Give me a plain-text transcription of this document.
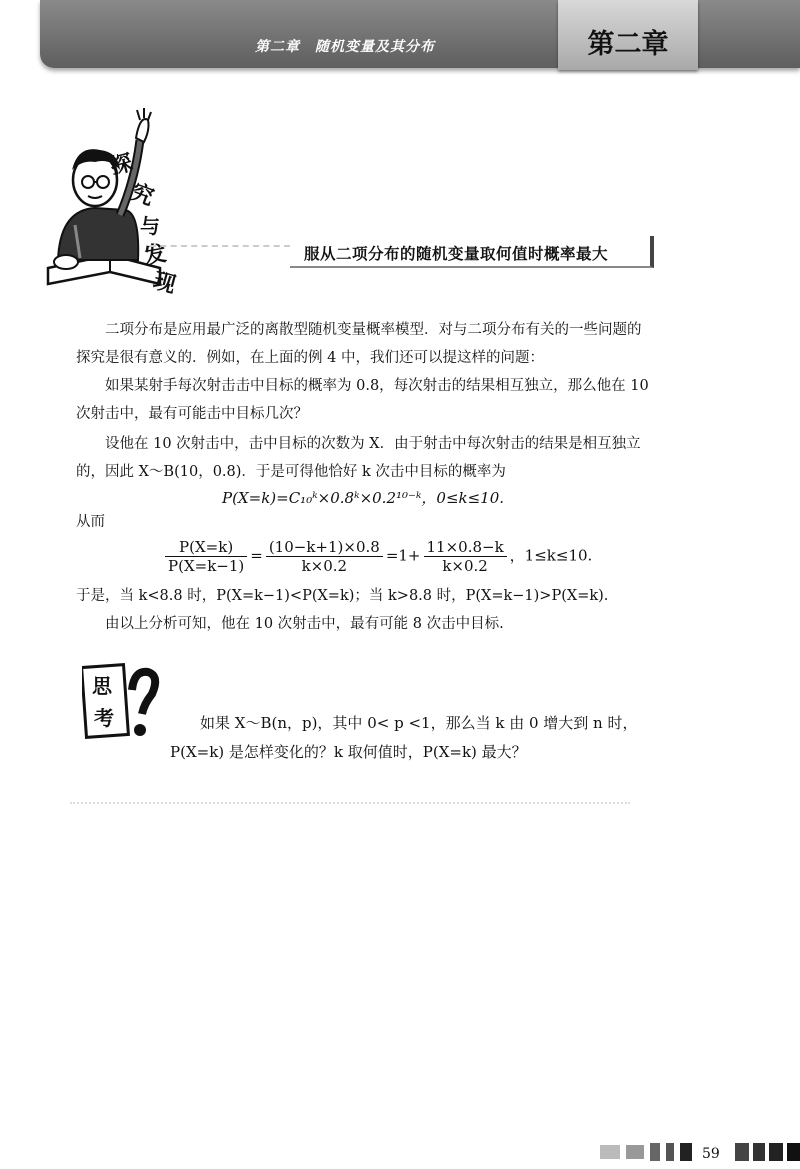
第二章　随机变量及其分布	第二章
探
究
与
发
现
服从二项分布的随机变量取何值时概率最大
二项分布是应用最广泛的离散型随机变量概率模型．对与二项分布有关的一些问题的
探究是很有意义的．例如，在上面的例 4 中，我们还可以提这样的问题：
如果某射手每次射击击中目标的概率为 0.8，每次射击的结果相互独立，那么他在 10
次射击中，最有可能击中目标几次？
设他在 10 次射击中，击中目标的次数为 X．由于射击中每次射击的结果是相互独立
的，因此 X～B(10，0.8)．于是可得他恰好 k 次击中目标的概率为
P(X=k)=C₁₀ᵏ×0.8ᵏ×0.2¹⁰⁻ᵏ，0≤k≤10.
从而
$\frac{P(X=k)}{P(X=k-1)} = \frac{(10-k+1)\times 0.8}{k\times 0.2} =1+ \frac{11\times 0.8-k}{k\times 0.2}$ ，1≤k≤10.
于是，当 k<8.8 时，P(X=k−1)<P(X=k)；当 k>8.8 时，P(X=k−1)>P(X=k).
由以上分析可知，他在 10 次射击中，最有可能 8 次击中目标.
思
考	如果 X～B(n，p)，其中 0< p <1，那么当 k 由 0 增大到 n 时，
P(X=k) 是怎样变化的？k 取何值时，P(X=k) 最大？
59
